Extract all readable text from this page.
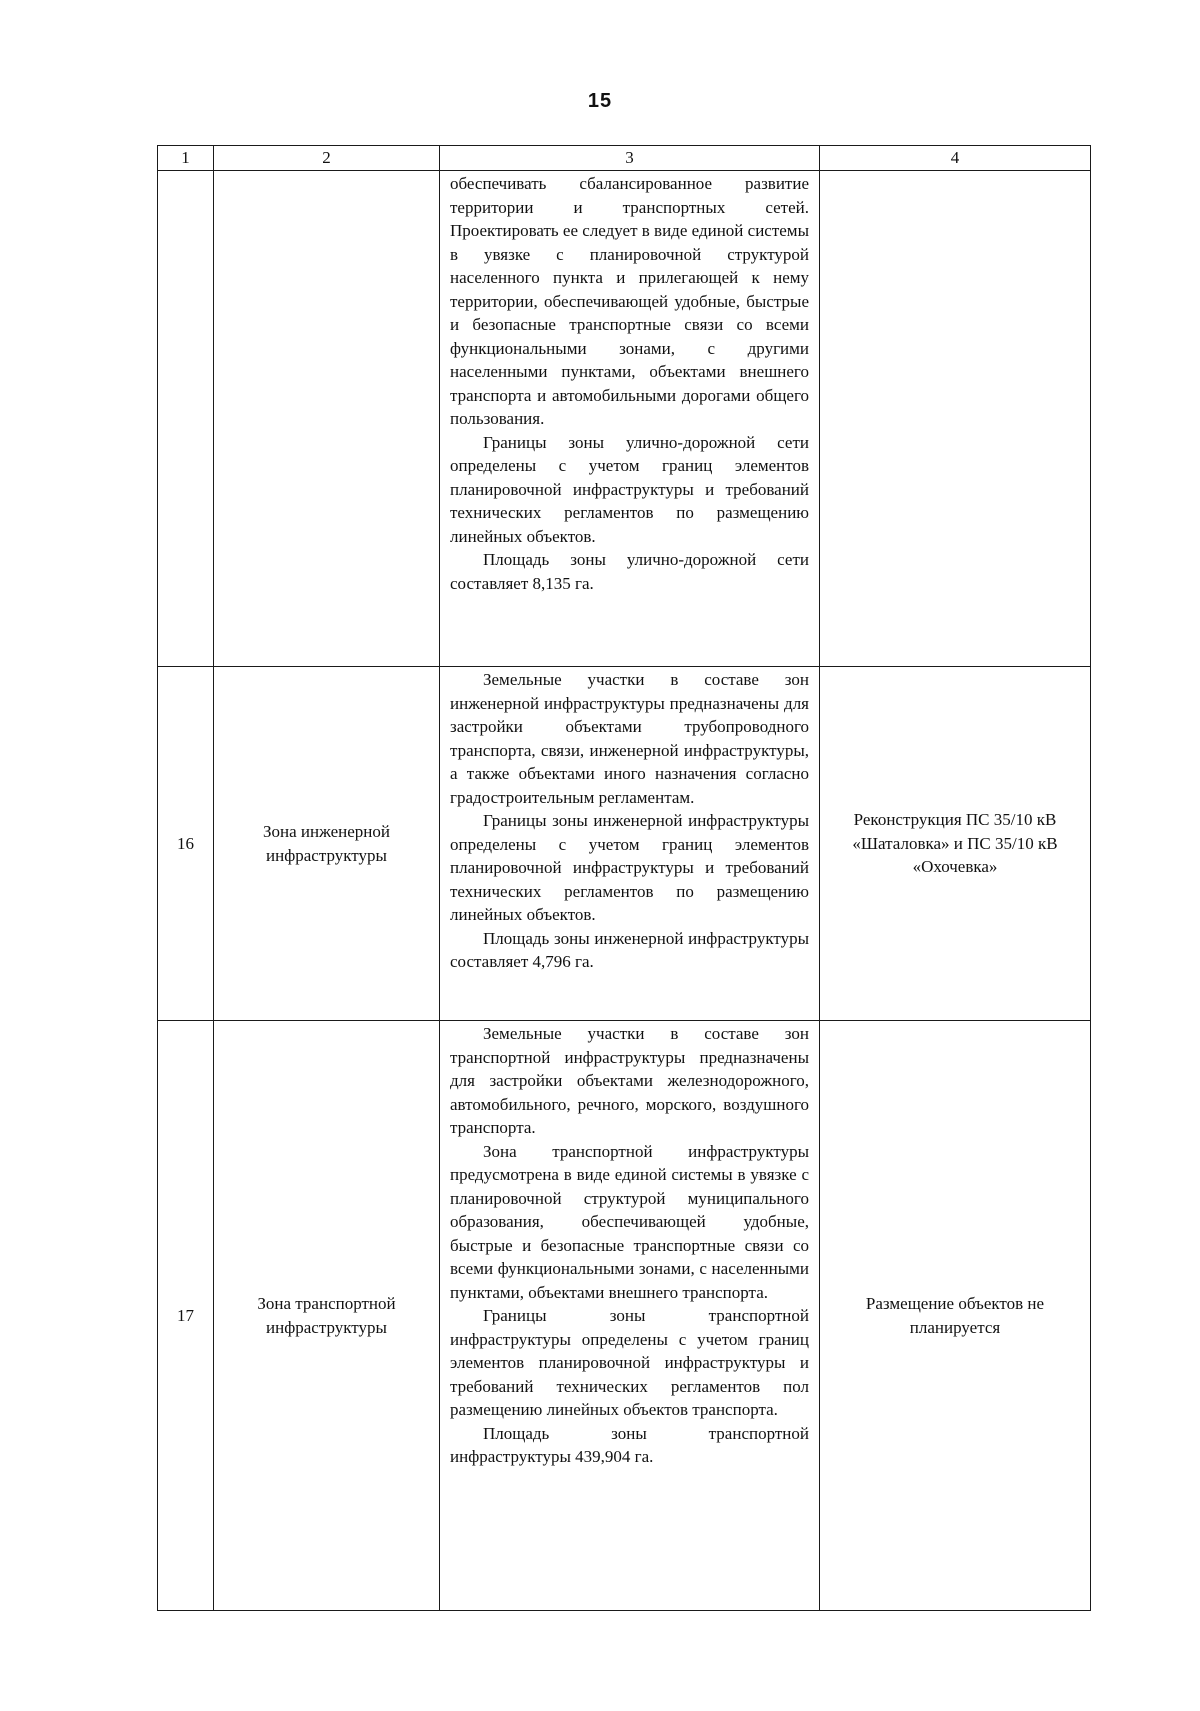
15
1	2	3	4

		обеспечивать сбалансированное развитие территории и транспортных сетей. Проектировать ее следует в виде единой системы в увязке с планировочной структурой населенного пункта и прилегающей к нему территории, обеспечивающей удобные, быстрые и безопасные транспортные связи со всеми функциональными зонами, с другими населенными пунктами, объектами внешнего транспорта и автомобильными дорогами общего пользования.

Границы зоны улично-дорожной сети определены с учетом границ элементов планировочной инфраструктуры и требований технических регламентов по размещению линейных объектов.

Площадь зоны улично-дорожной сети составляет 8,135 га.	

16	Зона инженерной инфраструктуры	Земельные участки в составе зон инженерной инфраструктуры предназначены для застройки объектами трубопроводного транспорта, связи, инженерной инфраструктуры, а также объектами иного назначения согласно градостроительным регламентам.

Границы зоны инженерной инфраструктуры определены с учетом границ элементов планировочной инфраструктуры и требований технических регламентов по размещению линейных объектов.

Площадь зоны инженерной инфраструктуры составляет 4,796 га.	Реконструкция ПС 35/10 кВ «Шаталовка» и ПС 35/10 кВ «Охочевка»
17	Зона транспортной инфраструктуры	Земельные участки в составе зон транспортной инфраструктуры предназначены для застройки объектами железнодорожного, автомобильного, речного, морского, воздушного транспорта.

Зона транспортной инфраструктуры предусмотрена в виде единой системы в увязке с планировочной структурой муниципального образования, обеспечивающей удобные, быстрые и безопасные транспортные связи со всеми функциональными зонами, с населенными пунктами, объектами внешнего транспорта.

Границы зоны транспортной инфраструктуры определены с учетом границ элементов планировочной инфраструктуры и требований технических регламентов пол размещению линейных объектов транспорта.

Площадь зоны транспортной инфраструктуры 439,904 га.	Размещение объектов не планируется
